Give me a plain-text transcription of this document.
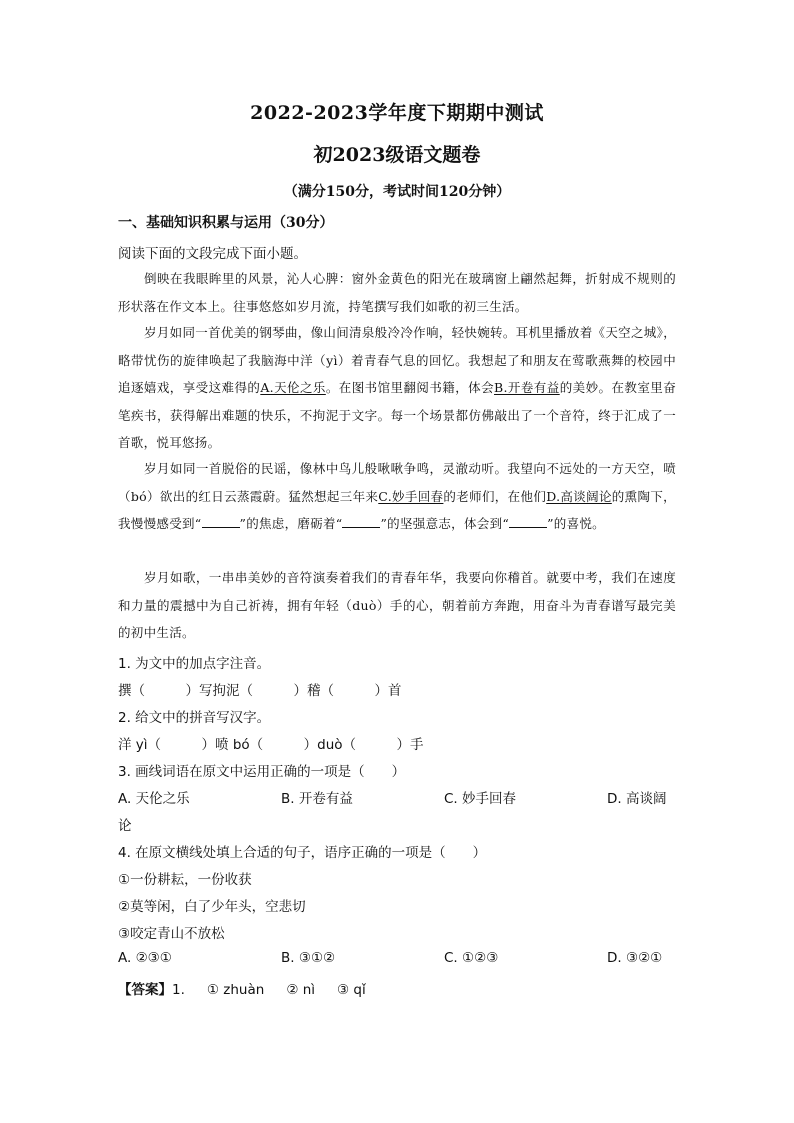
2022-2023学年度下期期中测试
初2023级语文题卷
（满分150分，考试时间120分钟）
一、基础知识积累与运用（30分）
阅读下面的文段完成下面小题。
倒映在我眼眸里的风景，沁人心脾：窗外金黄色的阳光在玻璃窗上翩然起舞，折射成不规则的形状落在作文本上。往事悠悠如岁月流，持笔撰写我们如歌的初三生活。
岁月如同一首优美的钢琴曲，像山间清泉般冷冷作响，轻快婉转。耳机里播放着《天空之城》，略带忧伤的旋律唤起了我脑海中洋（yì）着青春气息的回忆。我想起了和朋友在莺歌燕舞的校园中追逐嬉戏，享受这难得的A.天伦之乐。在图书馆里翻阅书籍，体会B.开卷有益的美妙。在教室里奋笔疾书，获得解出难题的快乐，不拘泥于文字。每一个场景都仿佛敲出了一个音符，终于汇成了一首歌，悦耳悠扬。
岁月如同一首脱俗的民谣，像林中鸟儿般啾啾争鸣，灵澈动听。我望向不远处的一方天空，喷（bó）欲出的红日云蒸霞蔚。猛然想起三年来C.妙手回春的老师们，在他们D.高谈阔论的熏陶下，我慢慢感受到“	”的焦虑，磨砺着“	”的坚强意志，体会到“	”的喜悦。
岁月如歌，一串串美妙的音符演奏着我们的青春年华，我要向你稽首。就要中考，我们在速度和力量的震撼中为自己祈祷，拥有年轻（duò）手的心，朝着前方奔跑，用奋斗为青春谱写最完美的初中生活。
1. 为文中的加点字注音。
撰（　　　）写拘泥（　　　）稽（　　　）首
2. 给文中的拼音写汉字。
洋 yì（　　　）喷 bó（　　　）duò（　　　）手
3. 画线词语在原文中运用正确的一项是（　　）
A. 天伦之乐	B. 开卷有益	C. 妙手回春	D. 高谈阔
论
4. 在原文横线处填上合适的句子，语序正确的一项是（　　）
①一份耕耘，一份收获
②莫等闲，白了少年头，空悲切
③咬定青山不放松
A. ②③①	B. ③①②	C. ①②③	D. ③②①
【答案】1. ① zhuàn ② nì ③ qǐ
